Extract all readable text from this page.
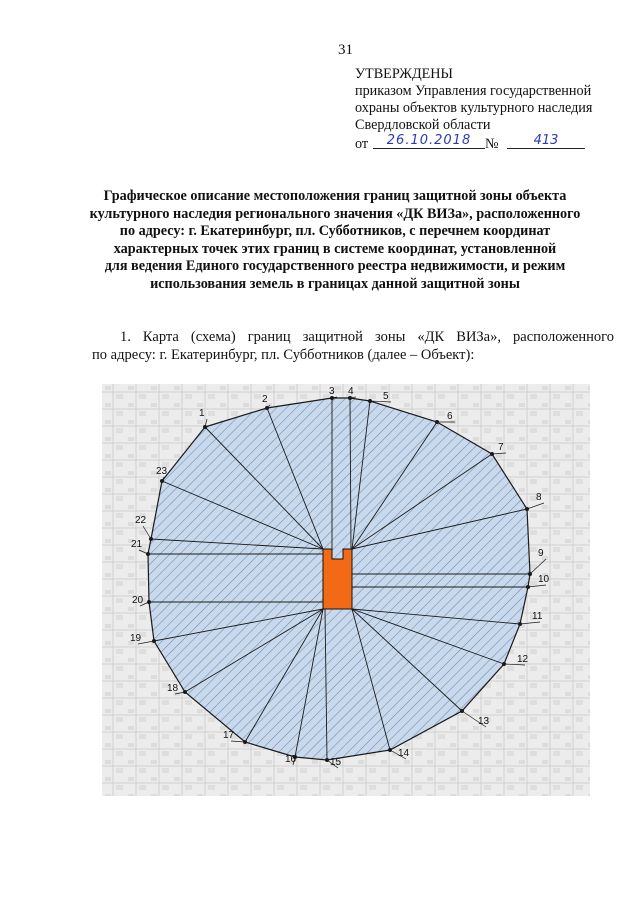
31
УТВЕРЖДЕНЫ
приказом Управления государственной
охраны объектов культурного наследия
Свердловской области
от	26.10.2018 №	413
Графическое описание местоположения границ защитной зоны объекта
культурного наследия регионального значения «ДК ВИЗа», расположенного
по адресу: г. Екатеринбург, пл. Субботников, с перечнем координат
характерных точек этих границ в системе координат, установленной
для ведения Единого государственного реестра недвижимости, и режим
использования земель в границах данной защитной зоны
1. Карта (схема) границ защитной зоны «ДК ВИЗа», расположенного
по адресу: г. Екатеринбург, пл. Субботников (далее – Объект):
1
2
3 4	5
6
7
8
9
10
11
12
13
14
15
16
17
18
19
20
21
22
23
